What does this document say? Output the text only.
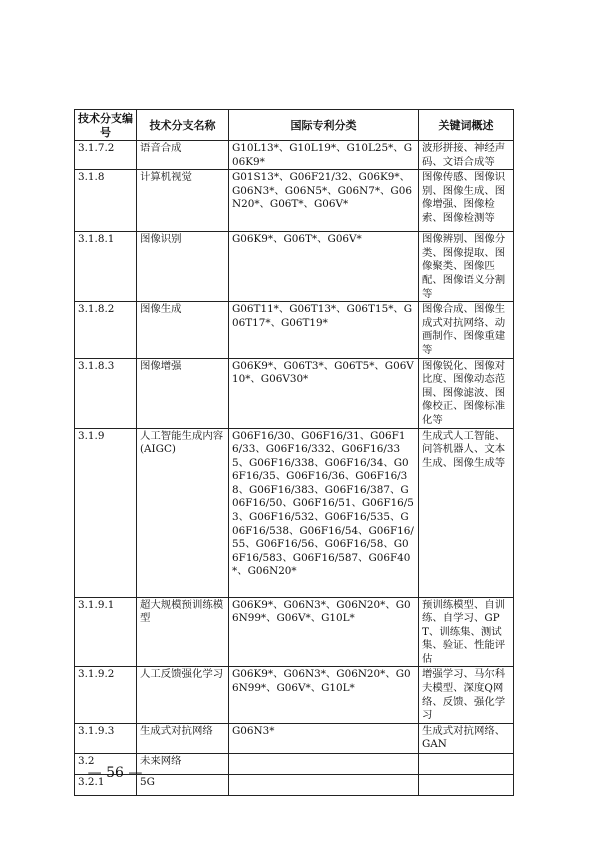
技术分支编号	技术分支名称	国际专利分类	关键词概述
3.1.7.2	语音合成	G10L13*、G10L19*、G10L25*、G06K9*	波形拼接、神经声码、文语合成等
3.1.8	计算机视觉	G01S13*、G06F21/32、G06K9*、G06N3*、G06N5*、G06N7*、G06N20*、G06T*、G06V*	图像传感、图像识别、图像生成、图像增强、图像检索、图像检测等
3.1.8.1	图像识别	G06K9*、G06T*、G06V*	图像辨别、图像分类、图像提取、图像聚类、图像匹配、图像语义分割等
3.1.8.2	图像生成	G06T11*、G06T13*、G06T15*、G06T17*、G06T19*	图像合成、图像生成式对抗网络、动画制作、图像重建等
3.1.8.3	图像增强	G06K9*、G06T3*、G06T5*、G06V10*、G06V30*	图像锐化、图像对比度、图像动态范围、图像滤波、图像校正、图像标准化等
3.1.9	人工智能生成内容(AIGC)	G06F16/30、G06F16/31、G06F16/33、G06F16/332、G06F16/335、G06F16/338、G06F16/34、G06F16/35、G06F16/36、G06F16/38、G06F16/383、G06F16/387、G06F16/50、G06F16/51、G06F16/53、G06F16/532、G06F16/535、G06F16/538、G06F16/54、G06F16/55、G06F16/56、G06F16/58、G06F16/583、G06F16/587、G06F40*、G06N20*	生成式人工智能、问答机器人、文本生成、图像生成等
3.1.9.1	超大规模预训练模型	G06K9*、G06N3*、G06N20*、G06N99*、G06V*、G10L*	预训练模型、自训练、自学习、GPT、训练集、测试集、验证、性能评估
3.1.9.2	人工反馈强化学习	G06K9*、G06N3*、G06N20*、G06N99*、G06V*、G10L*	增强学习、马尔科夫模型、深度Q网络、反馈、强化学习
3.1.9.3	生成式对抗网络	G06N3*	生成式对抗网络、GAN
3.2	未来网络		
3.2.1	5G		
— 56 —
